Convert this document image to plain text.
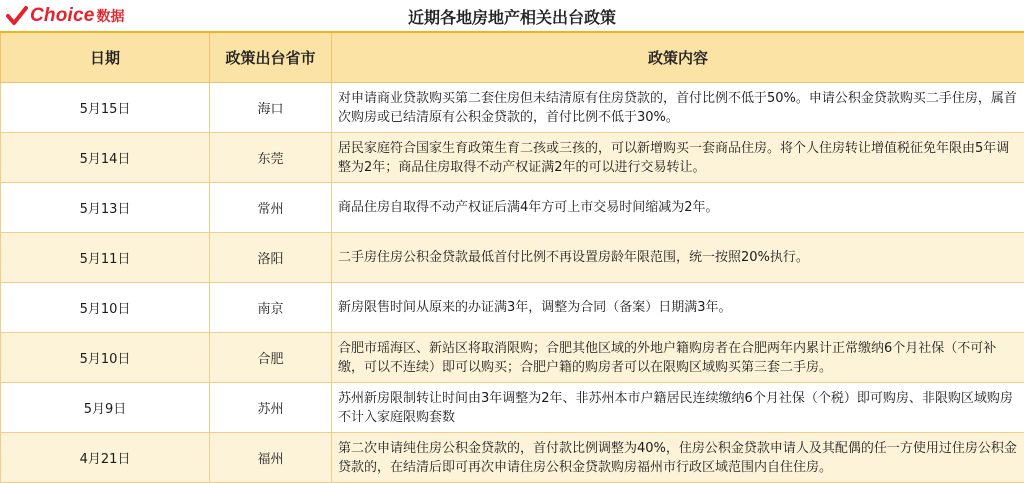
Choice 数据	近期各地房地产相关出台政策
日期	政策出台省市	政策内容
5月15日	海口	对申请商业贷款购买第二套住房但未结清原有住房贷款的，首付比例不低于50%。申请公积金贷款购买二手住房，属首次购房或已结清原有公积金贷款的，首付比例不低于30%。
5月14日	东莞	居民家庭符合国家生育政策生育二孩或三孩的，可以新增购买一套商品住房。将个人住房转让增值税征免年限由5年调整为2年；商品住房取得不动产权证满2年的可以进行交易转让。
5月13日	常州	商品住房自取得不动产权证后满4年方可上市交易时间缩减为2年。
5月11日	洛阳	二手房住房公积金贷款最低首付比例不再设置房龄年限范围，统一按照20%执行。
5月10日	南京	新房限售时间从原来的办证满3年，调整为合同（备案）日期满3年。
5月10日	合肥	合肥市瑶海区、新站区将取消限购；合肥其他区域的外地户籍购房者在合肥两年内累计正常缴纳6个月社保（不可补缴，可以不连续）即可以购买；合肥户籍的购房者可以在限购区域购买第三套二手房。
5月9日	苏州	苏州新房限制转让时间由3年调整为2年、非苏州本市户籍居民连续缴纳6个月社保（个税）即可购房、非限购区域购房不计入家庭限购套数
4月21日	福州	第二次申请纯住房公积金贷款的，首付款比例调整为40%，住房公积金贷款申请人及其配偶的任一方使用过住房公积金贷款的，在结清后即可再次申请住房公积金贷款购房福州市行政区域范围内自住住房。
